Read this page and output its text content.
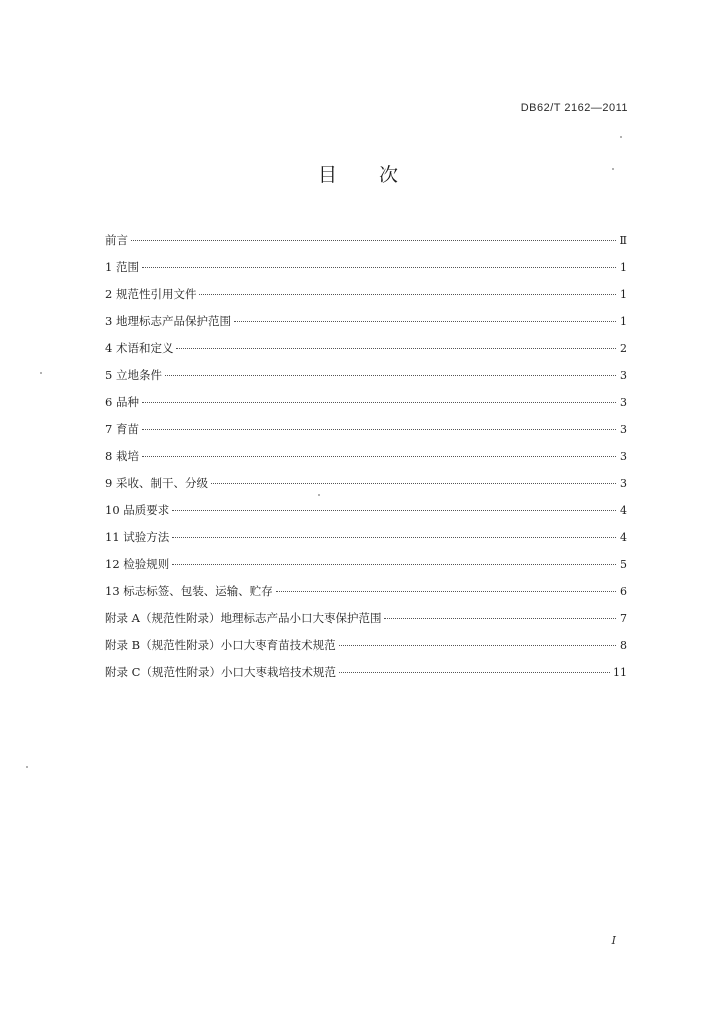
DB62/T 2162—2011
目 次
前言	Ⅱ
1 范围	1
2 规范性引用文件	1
3 地理标志产品保护范围	1
4 术语和定义	2
5 立地条件	3
6 品种	3
7 育苗	3
8 栽培	3
9 采收、制干、分级	3
10 品质要求	4
11 试验方法	4
12 检验规则	5
13 标志标签、包装、运输、贮存	6
附录 A（规范性附录）地理标志产品小口大枣保护范围	7
附录 B（规范性附录）小口大枣育苗技术规范	8
附录 C（规范性附录）小口大枣栽培技术规范	11
I
